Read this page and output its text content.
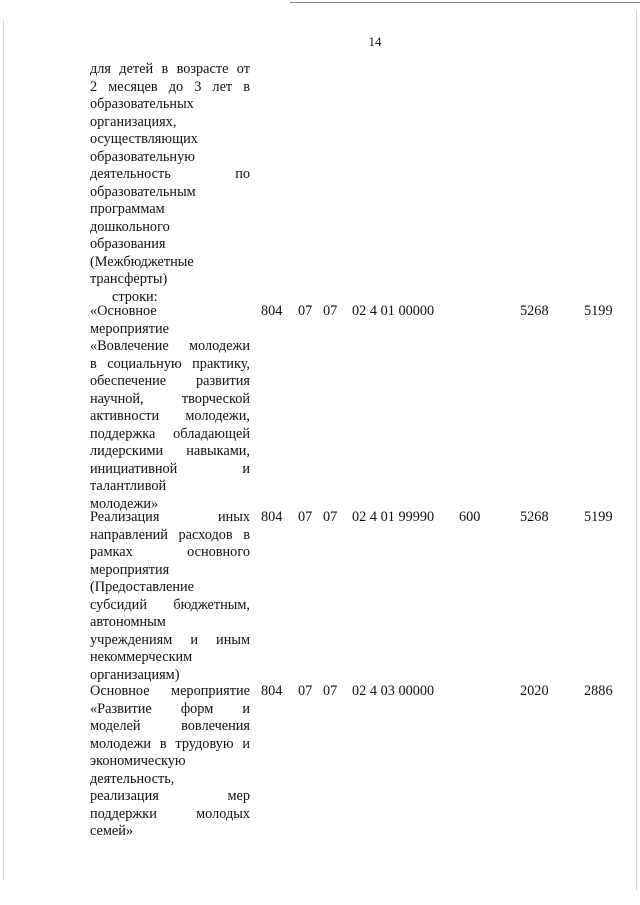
14
для детей в возрасте от
2 месяцев до 3 лет в
образовательных
организациях,
осуществляющих
образовательную
деятельность по
образовательным
программам
дошкольного
образования
(Межбюджетные
трансферты)
строки:
«Основное
мероприятие
«Вовлечение молодежи
в социальную практику,
обеспечение развития
научной, творческой
активности молодежи,
поддержка обладающей
лидерскими навыками,
инициативной и
талантливой
молодежи»
804 07 07 02 4 01 00000	5268 5199
Реализация иных
направлений расходов в
рамках основного
мероприятия
(Предоставление
субсидий бюджетным,
автономным
учреждениям и иным
некоммерческим
организациям)
804 07 07 02 4 01 99990 600	5268 5199
Основное мероприятие
«Развитие форм и
моделей вовлечения
молодежи в трудовую и
экономическую
деятельность,
реализация мер
поддержки молодых
семей»
804 07 07 02 4 03 00000	2020 2886
